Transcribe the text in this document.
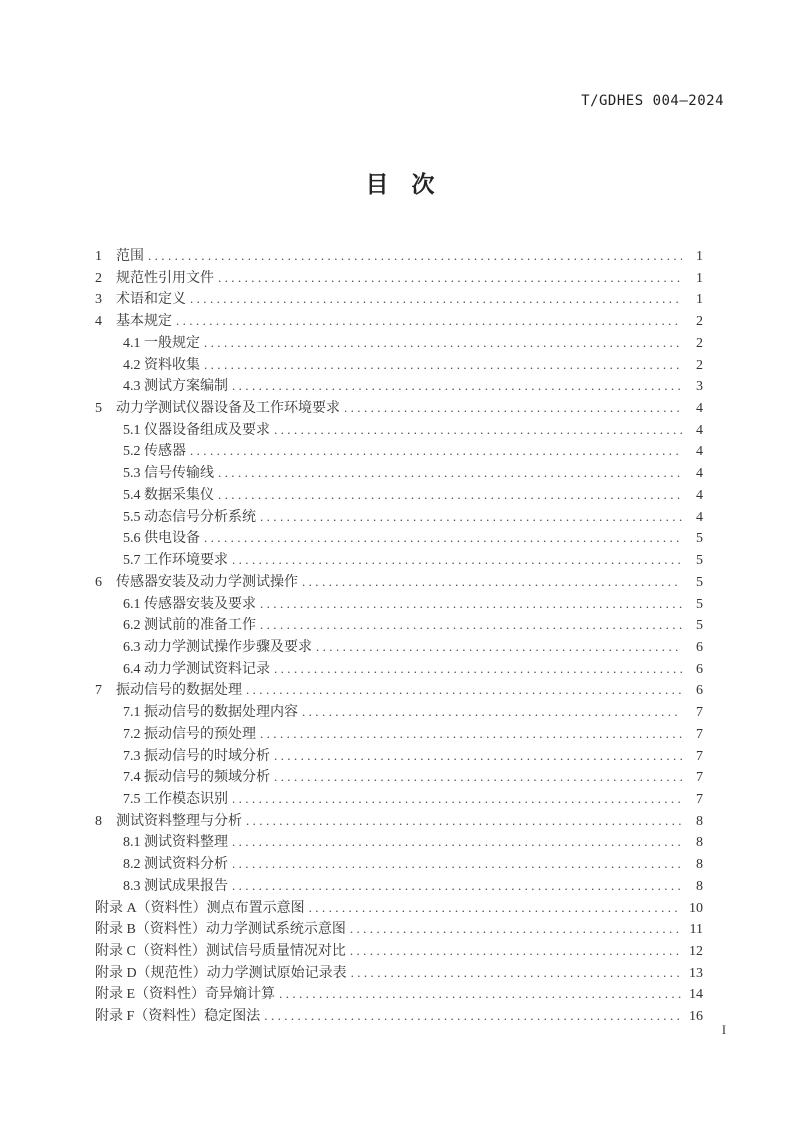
T/GDHES 004—2024
目　次
1　范围 .....	1
2　规范性引用文件 .....	1
3　术语和定义 .....	1
4　基本规定 .....	2
4.1 一般规定 .....	2
4.2 资料收集 .....	2
4.3 测试方案编制 .....	3
5　动力学测试仪器设备及工作环境要求 .....	4
5.1 仪器设备组成及要求 .....	4
5.2 传感器 .....	4
5.3 信号传输线 .....	4
5.4 数据采集仪 .....	4
5.5 动态信号分析系统 .....	4
5.6 供电设备 .....	5
5.7 工作环境要求 .....	5
6　传感器安装及动力学测试操作 .....	5
6.1 传感器安装及要求 .....	5
6.2 测试前的准备工作 .....	5
6.3 动力学测试操作步骤及要求 .....	6
6.4 动力学测试资料记录 .....	6
7　振动信号的数据处理 .....	6
7.1 振动信号的数据处理内容 .....	7
7.2 振动信号的预处理 .....	7
7.3 振动信号的时域分析 .....	7
7.4 振动信号的频域分析 .....	7
7.5 工作模态识别 .....	7
8　测试资料整理与分析 .....	8
8.1 测试资料整理 .....	8
8.2 测试资料分析 .....	8
8.3 测试成果报告 .....	8
附录 A（资料性）测点布置示意图 .....	10
附录 B（资料性）动力学测试系统示意图 .....	11
附录 C（资料性）测试信号质量情况对比 .....	12
附录 D（规范性）动力学测试原始记录表 .....	13
附录 E（资料性）奇异熵计算 .....	14
附录 F（资料性）稳定图法 .....	16
I
